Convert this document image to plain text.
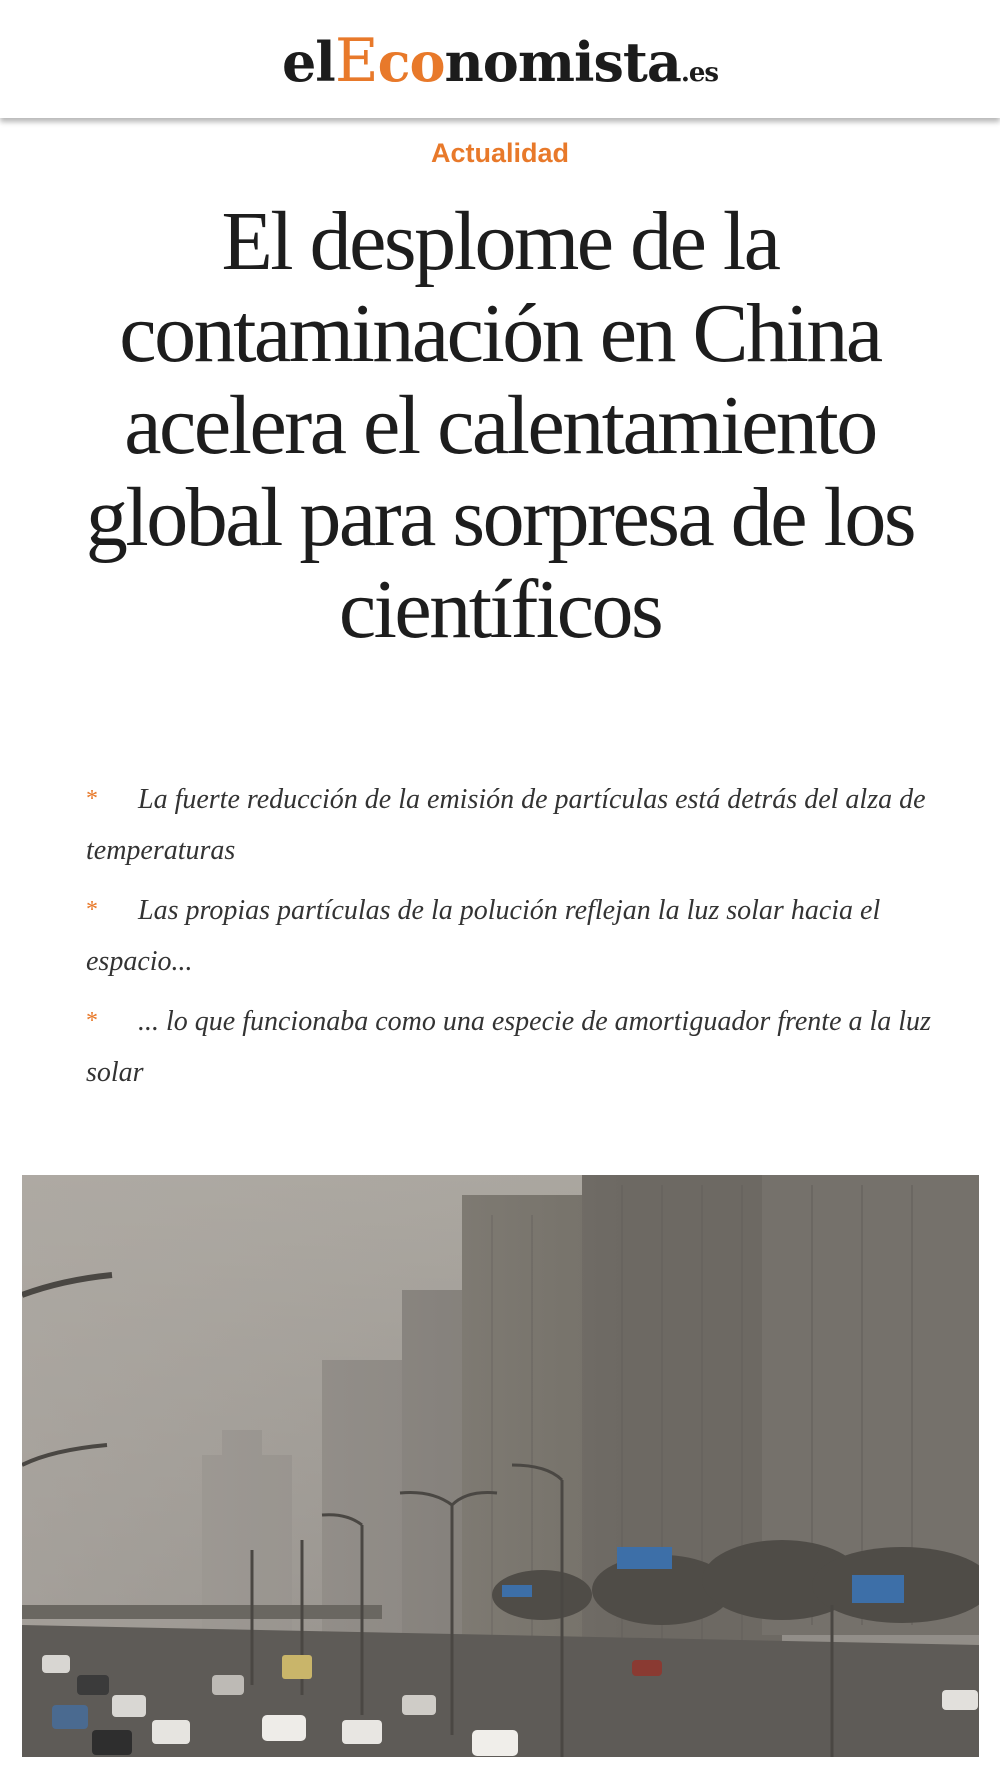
elEconomista.es
Actualidad
El desplome de la contaminación en China acelera el calentamiento global para sorpresa de los científicos
* La fuerte reducción de la emisión de partículas está detrás del alza de temperaturas
* Las propias partículas de la polución reflejan la luz solar hacia el espacio...
* ... lo que funcionaba como una especie de amortiguador frente a la luz solar
